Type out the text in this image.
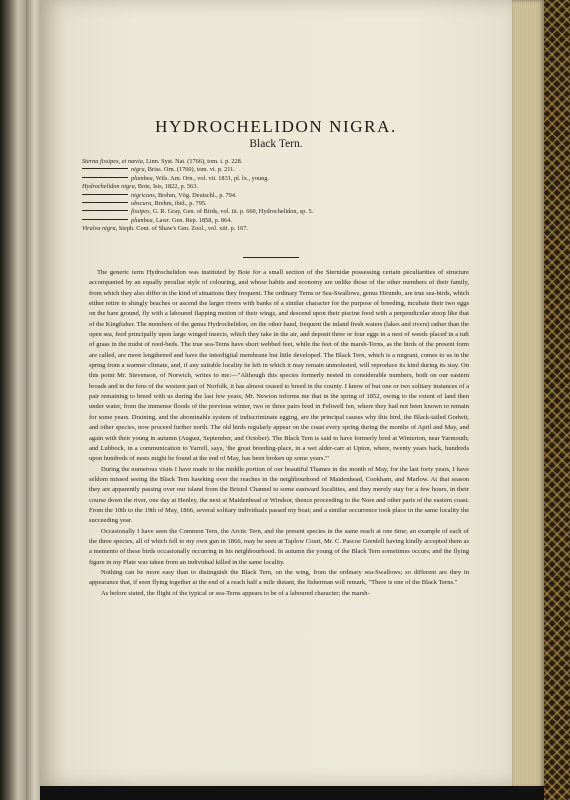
HYDROCHELIDON NIGRA.
Black Tern.
Sterna fissipes, et nævia, Linn. Syst. Nat. (1766), tom. i. p. 228.
nigra, Briss. Orn. (1760), tom. vi. p. 211.
plumbea, Wils. Am. Orn., vol. vii. 1831, pl. lx., young.
Hydrochelidon nigra, Boie, Isis, 1822, p. 563.
nigricans, Brehm, Vög. Deutschl., p. 794.
obscura, Brehm, ibid., p. 795.
fissipes, G. R. Gray, Gen. of Birds, vol. iii. p. 660, Hydrochelidon, sp. 5.
plumbea, Lawr. Gen. Rep. 1858, p. 864.
Viralva nigra, Steph. Cont. of Shaw's Gen. Zool., vol. xiii. p. 167.

The generic term Hydrochelidon was instituted by Boie for a small section of the Sternidæ possessing certain peculiarities of structure accompanied by an equally peculiar style of colouring, and whose habits and economy are unlike those of the other members of their family, from which they also differ in the kind of situations they frequent. The ordinary Terns or Sea-Swallows, genus Hirundo, are true sea-birds, which either retire to shingly beaches or ascend the larger rivers with banks of a similar character for the purpose of breeding, incubate their two eggs on the bare ground, fly with a laboured flapping motion of their wings, and descend upon their piscine food with a perpendicular stoop like that of the Kingfisher. The members of the genus Hydrochelidon, on the other hand, frequent the inland fresh waters (lakes and rivers) rather than the open sea, feed principally upon large winged insects, which they take in the air, and deposit three or four eggs in a nest of weeds placed in a tuft of grass in the midst of reed-beds. The true sea-Terns have short webbed feet, while the feet of the marsh-Terns, as the birds of the present form are called, are more lengthened and have the interdigital membrane but little developed. The Black Tern, which is a migrant, comes to us in the spring from a warmer climate, and, if any suitable locality be left in which it may remain unmolested, will reproduce its kind during its stay. On this point Mr. Stevenson, of Norwich, writes to me:—"Although this species formerly nested in considerable numbers, both on our eastern broads and in the fens of the western part of Norfolk, it has almost ceased to breed in the county. I know of but one or two solitary instances of a pair remaining to breed with us during the last few years; Mr. Newton informs me that in the spring of 1852, owing to the extent of land then under water, from the immense floods of the previous winter, two or three pairs bred in Feltwell fen, where they had not been known to remain for some years. Draining, and the abominable system of indiscriminate egging, are the principal causes why this bird, the Black-tailed Godwit, and other species, now proceed further north. The old birds regularly appear on the coast every spring during the months of April and May, and again with their young in autumn (August, September, and October). The Black Tern is said to have formerly bred at Winterton, near Yarmouth; and Lubbock, in a communication to Yarrell, says, 'the great breeding-place, in a wet alder-carr at Upton, where, twenty years back, hundreds upon hundreds of nests might be found at the end of May, has been broken up some years.'"

During the numerous visits I have made to the middle portion of our beautiful Thames in the month of May, for the last forty years, I have seldom missed seeing the Black Tern hawking over the reaches in the neighbourhood of Maidenhead, Cookham, and Marlow. At that season they are apparently passing over our island from the Bristol Channel to some eastward localities, and they merely stay for a few hours, in their course down the river, one day at Henley, the next at Maidenhead or Windsor, thence proceeding to the Nore and other parts of the eastern coast. From the 10th to the 19th of May, 1866, several solitary individuals passed my boat; and a similar occurrence took place in the same locality the succeeding year.

Occasionally I have seen the Common Tern, the Arctic Tern, and the present species in the same reach at one time; an example of each of the three species, all of which fell to my own gun in 1866, may be seen at Taplow Court, Mr. C. Pascoe Grenfell having kindly accepted them as a memento of these birds occasionally occurring in his neighbourhood. In autumn the young of the Black Tern sometimes occurs; and the flying figure in my Plate was taken from an individual killed in the same locality.

Nothing can be more easy than to distinguish the Black Tern, on the wing, from the ordinary sea-Swallows; so different are they in appearance that, if seen flying together at the end of a reach half a mile distant, the fisherman will remark, "There is one of the Black Terns."

As before stated, the flight of the typical or sea-Terns appears to be of a laboured character; the marsh-
